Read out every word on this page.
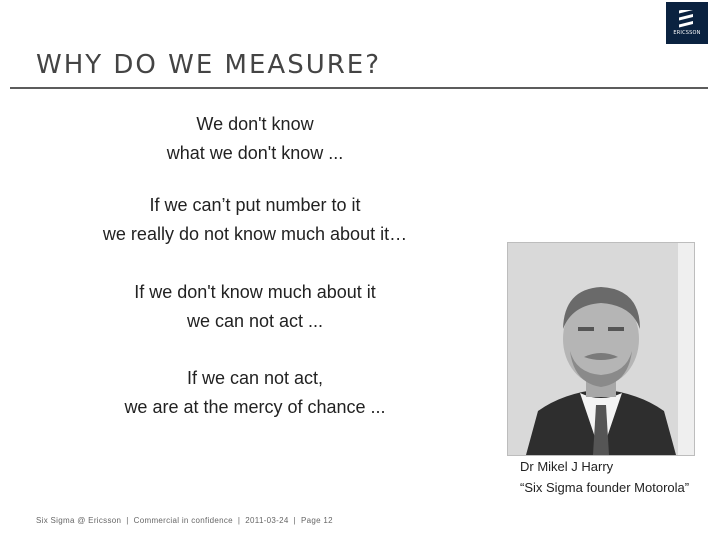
ERICSSON
WHY DO WE MEASURE?
We don't know
what we don't know ...
If we can’t put number to it
we really do not know much about it…
If we don't know much about it
we can not act ...
If we can not act,
we are at the mercy of chance ...
Dr Mikel J Harry
“Six Sigma founder Motorola”
Six Sigma @ Ericsson | Commercial in confidence | 2011-03-24 | Page 12
